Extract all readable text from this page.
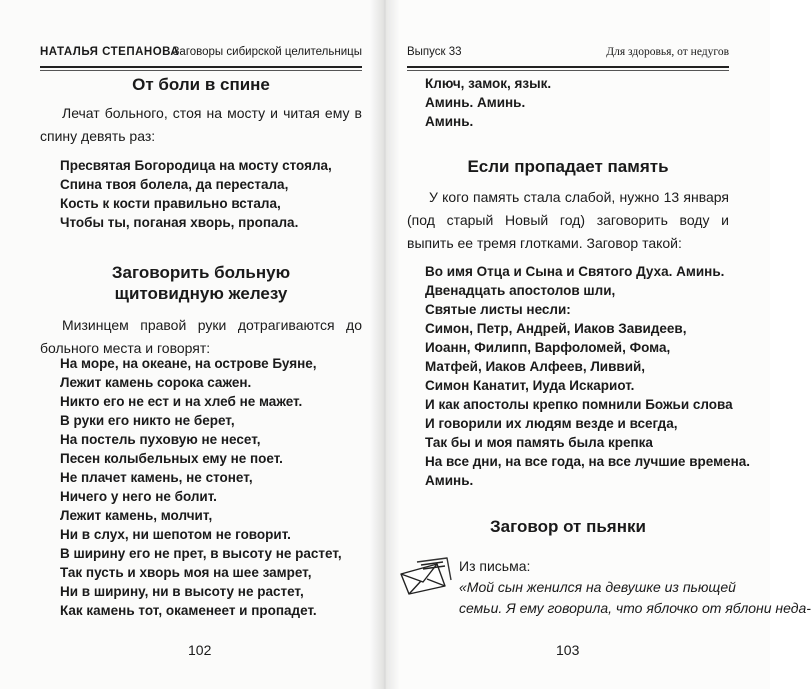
НАТАЛЬЯ СТЕПАНОВА
Заговоры сибирской целительницы
От боли в спине
Лечат больного, стоя на мосту и читая ему в спину девять раз:
Пресвятая Богородица на мосту стояла,
Спина твоя болела, да перестала,
Кость к кости правильно встала,
Чтобы ты, поганая хворь, пропала.
Заговорить больную
щитовидную железу
Мизинцем правой руки дотрагиваются до больного места и говорят:
На море, на океане, на острове Буяне,
Лежит камень сорока сажен.
Никто его не ест и на хлеб не мажет.
В руки его никто не берет,
На постель пуховую не несет,
Песен колыбельных ему не поет.
Не плачет камень, не стонет,
Ничего у него не болит.
Лежит камень, молчит,
Ни в слух, ни шепотом не говорит.
В ширину его не прет, в высоту не растет,
Так пусть и хворь моя на шее замрет,
Ни в ширину, ни в высоту не растет,
Как камень тот, окаменеет и пропадет.
102
Выпуск 33	Для здоровья, от недугов
Ключ, замок, язык.
Аминь. Аминь.
Аминь.
Если пропадает память
У кого память стала слабой, нужно 13 января (под старый Новый год) заговорить воду и выпить ее тремя глотками. Заговор такой:
Во имя Отца и Сына и Святого Духа. Аминь.
Двенадцать апостолов шли,
Святые листы несли:
Симон, Петр, Андрей, Иаков Завидеев,
Иоанн, Филипп, Варфоломей, Фома,
Матфей, Иаков Алфеев, Ливвий,
Симон Канатит, Иуда Искариот.
И как апостолы крепко помнили Божьи слова
И говорили их людям везде и всегда,
Так бы и моя память была крепка
На все дни, на все года, на все лучшие времена.
Аминь.
Заговор от пьянки
Из письма:
«Мой сын женился на девушке из пьющей
семьи. Я ему говорила, что яблочко от яблони неда-
103
